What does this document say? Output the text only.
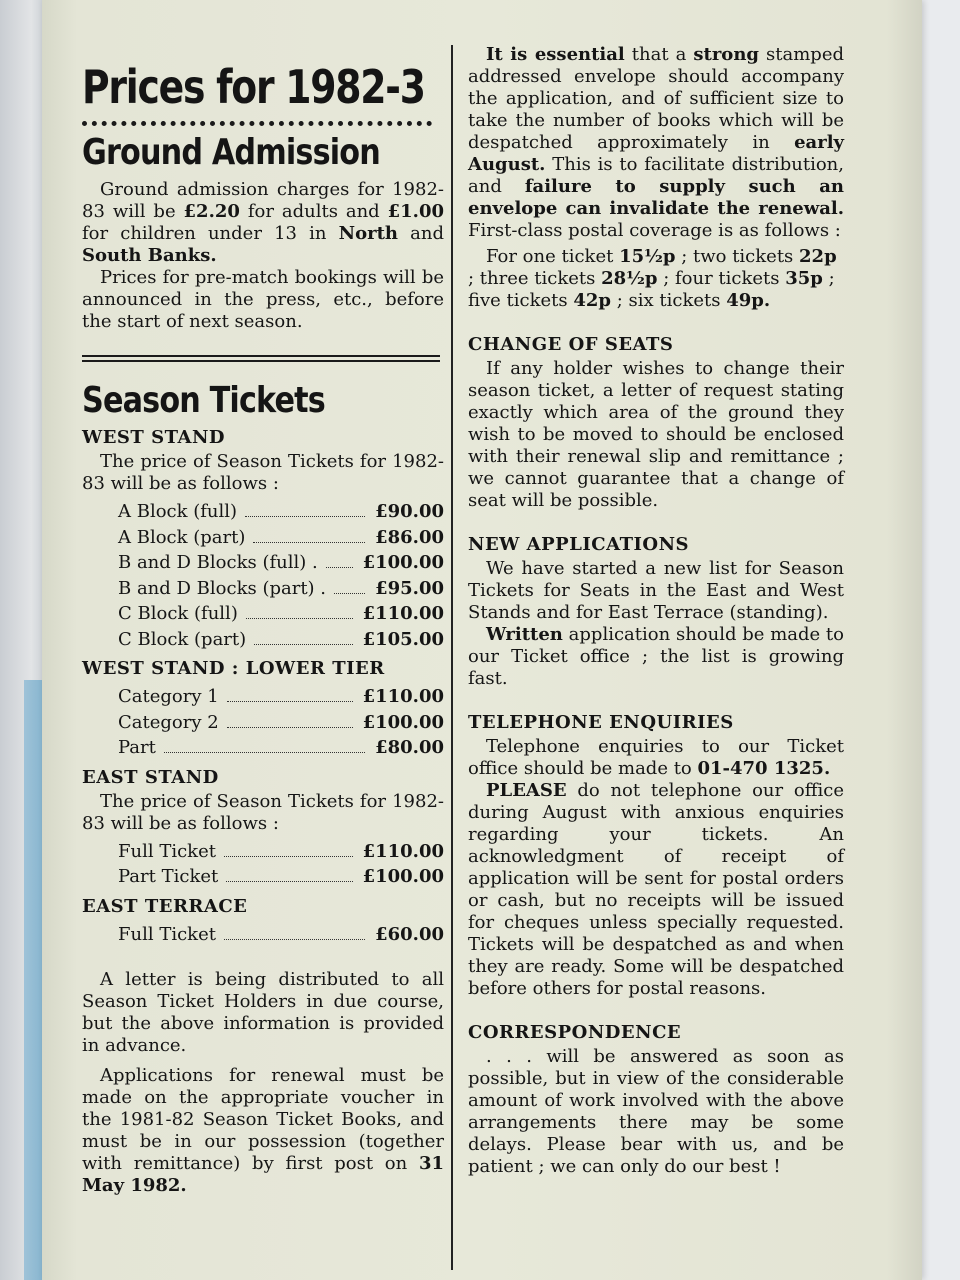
Prices for 1982-3
Ground Admission

Ground admission charges for 1982-83 will be £2.20 for adults and £1.00 for children under 13 in North and South Banks.

Prices for pre-match bookings will be announced in the press, etc., before the start of next season.

Season Tickets
WEST STAND

The price of Season Tickets for 1982-83 will be as follows :

A Block (full)	£90.00
A Block (part)	£86.00
B and D Blocks (full) . £100.00
B and D Blocks (part) .	£95.00
C Block (full)	£110.00
C Block (part)	£105.00
WEST STAND : LOWER TIER
Category 1	£110.00
Category 2	£100.00
Part	£80.00
EAST STAND

The price of Season Tickets for 1982-83 will be as follows :

Full Ticket	£110.00
Part Ticket	£100.00
EAST TERRACE
Full Ticket	£60.00

A letter is being distributed to all Season Ticket Holders in due course, but the above information is provided in advance.

Applications for renewal must be made on the appropriate voucher in the 1981-82 Season Ticket Books, and must be in our possession (together with remittance) by first post on 31 May 1982.

It is essential that a strong stamped addressed envelope should accompany the application, and of sufficient size to take the number of books which will be despatched approximately in early August. This is to facilitate distribution, and failure to supply such an envelope can invalidate the renewal. First-class postal coverage is as follows :

For one ticket 15½p ; two tickets 22p ; three tickets 28½p ; four tickets 35p ; five tickets 42p ; six tickets 49p.

CHANGE OF SEATS

If any holder wishes to change their season ticket, a letter of request stating exactly which area of the ground they wish to be moved to should be enclosed with their renewal slip and remittance ; we cannot guarantee that a change of seat will be possible.

NEW APPLICATIONS

We have started a new list for Season Tickets for Seats in the East and West Stands and for East Terrace (standing).

Written application should be made to our Ticket office ; the list is growing fast.

TELEPHONE ENQUIRIES

Telephone enquiries to our Ticket office should be made to 01-470 1325.

PLEASE do not telephone our office during August with anxious enquiries regarding your tickets. An acknowledgment of receipt of application will be sent for postal orders or cash, but no receipts will be issued for cheques unless specially requested. Tickets will be despatched as and when they are ready. Some will be despatched before others for postal reasons.

CORRESPONDENCE

. . . will be answered as soon as possible, but in view of the considerable amount of work involved with the above arrangements there may be some delays. Please bear with us, and be patient ; we can only do our best !
